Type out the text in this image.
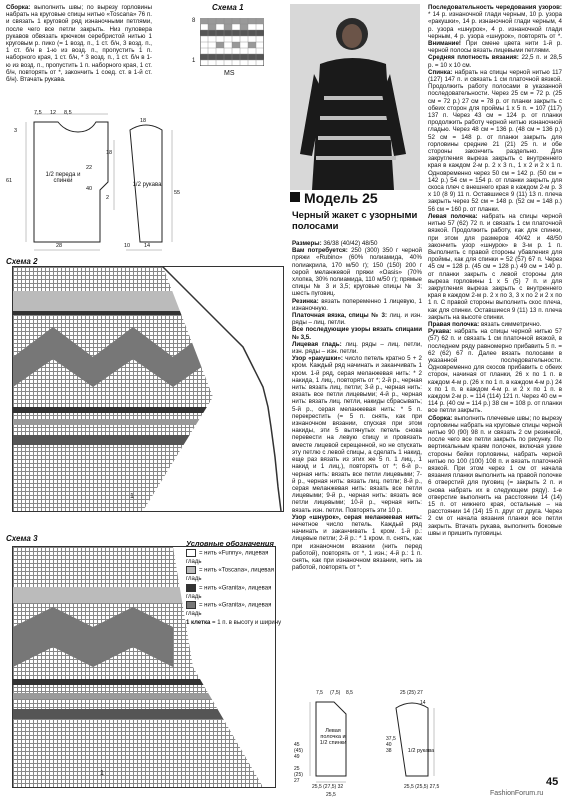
Сборка: выполнить швы; по вырезу горловины набрать на круговые спицы нитью «Toscana» 76 п. и связать 1 круговой ряд изнаночными петлями, после чего все петли закрыть. Низ пуловера рукавов обвязать крючком серебристой нитью 1 круговым р. пико (= 1 возд. п., 1 ст. б/н, 3 возд. п., 1 ст. б/н в 1-ю из возд. п., пропустить 1 п. наборного края, 1 ст. б/н, * 3 возд. п., 1 ст. б/н в 1-ю из возд. п., пропустить 1 п. наборного края, 1 ст. б/н, повторять от *, закончить 1 соед. ст. в 1-й ст. б/н). Втачать рукава.
Схема 1
8
1
MS
7,5 12 8,5
3
61
22
40
18
2
1/2 переда и спинки
28
1/2 рукава
55
10	14
18
Схема 2
1
Схема 3
1
Условные обозначения
= нить «Funny», лицевая гладь
= нить «Toscana», лицевая гладь
= нить «Granita», лицевая гладь
= нить «Granita», лицевая гладь
1 клетка = 1 п. в высоту и ширину
Модель 25
Черный жакет с узорными полосами
Размеры: 36/38 (40/42) 48/50
Вам потребуется: 250 (300) 350 г черной пряжи «Rubino» (60% полиамида, 40% полиакрила, 170 м/50 г); 150 (150) 200 г серой меланжевой пряжи «Oasis» (70% хлопка, 30% полиамида, 110 м/50 г); прямые спицы № 3 и 3,5; круговые спицы № 3; шесть пуговиц.
Резинка: вязать попеременно 1 лицевую, 1 изнаночную.
Платочная вязка, спицы № 3: лиц. и изн. ряды – лиц. петли.
Все последующие узоры вязать спицами № 3,5.
Лицевая гладь: лиц. ряды – лиц. петли, изн. ряды – изн. петли.
Узор «ракушки»: число петель кратно 5 + 2 кром. Каждый ряд начинать и заканчивать 1 кром. 1-й ряд, серая меланжевая нить: * 2 накида, 1 лиц., повторять от *; 2-й р., черная нить: вязать лиц. петли; 3-й р., черная нить: вязать все петли лицевыми; 4-й р., черная нить: вязать лиц. петли, накиды сбрасывать; 5-й р., серая меланжевая нить: * 5 п. перекрестить (= 5 п. снять, как при изнаночном вязании, спуская при этом накиды, эти 5 вытянутых петель снова перевести на левую спицу и провязать вместе лицевой скрещенной, но не спускать эту петлю с левой спицы, а сделать 1 накид, еще раз вязать из этих же 5 п. 1 лиц., 1 накид и 1 лиц.), повторять от *; 6-й р., черная нить: вязать все петли лицевыми; 7-й р., черная нить: вязать лиц. петли; 8-й р., серая меланжевая нить: вязать все петли лицевыми; 9-й р., черная нить: вязать все петли лицевыми; 10-й р., черная нить: вязать изн. петли. Повторять эти 10 р.
Узор «шнурок», серая меланжевая нить: нечетное число петель. Каждый ряд начинать и заканчивать 1 кром. 1-й р.: лицевые петли; 2-й р.: * 1 кром. п. снять, как при изнаночном вязании (нить перед работой), повторять от *, 1 изн.; 4-й р.: 1 п. снять, как при изнаночном вязании, нить за работой, повторять от *.
Последовательность чередования узоров: * 14 р. изнаночной глади черным, 10 р. узора «ракушки», 14 р. изнаночной глади черным, 4 р. узора «шнурок», 4 р. изнаночной глади черным, 4 р. узора «шнурок», повторять от *. Внимание! При смене цвета нити 1-й р. черной полосы вязать лицевыми петлями.
Средняя плотность вязания: 22,5 п. и 28,5 р. = 10 х 10 см.
Спинка: набрать на спицы черной нитью 117 (127) 147 п. и связать 1 см платочной вязкой. Продолжить работу полосами в указанной последовательности. Через 25 см = 72 р. (25 см = 72 р.) 27 см = 78 р. от планки закрыть с обеих сторон для проймы 1 х 5 п. = 107 (117) 137 п. Через 43 см = 124 р. от планки продолжить работу черной нитью изнаночной гладью. Через 48 см = 136 р. (48 см = 136 р.) 52 см = 148 р. от планки закрыть для горловины средние 21 (21) 25 п. и обе стороны закончить раздельно. Для закругления выреза закрыть с внутреннего края в каждом 2-м р. 2 х 3 п., 1 х 2 и 2 х 1 п. Одновременно через 50 см = 142 р. (50 см = 142 р.) 54 см = 154 р. от планки закрыть для скоса плеч с внешнего края в каждом 2-м р. 3 х 10 (8 9) 11 п. Оставшиеся 9 (11) 13 п. плеча закрыть через 52 см = 148 р. (52 см = 148 р.) 56 см = 160 р. от планки.
Левая полочка: набрать на спицы черной нитью 57 (62) 72 п. и связать 1 см платочной вязкой. Продолжить работу, как для спинки, при этом для размеров 40/42 и 48/50 закончить узор «шнурок» в 3-м р. 1 п. Выполнить с правой стороны убавления для проймы, как для спинки = 52 (57) 67 п. Через 45 см = 128 р. (45 см = 128 р.) 49 см = 140 р. от планки закрыть с левой стороны для выреза горловины 1 х 5 (5) 7 п. и для закругления выреза закрыть с внутреннего края в каждом 2-м р. 2 х по 3, 3 х по 2 и 2 х по 1 п. С правой стороны выполнить скос плеча, как для спинки. Оставшиеся 9 (11) 13 п. плеча закрыть на высоте спинки.
Правая полочка: вязать симметрично.
Рукава: набрать на спицы черной нитью 57 (57) 62 п. и связать 1 см платочной вязкой, в последнем ряду равномерно прибавить 5 п. = 62 (62) 67 п. Далее вязать полосами в указанной последовательности. Одновременно для скосов прибавить с обеих сторон, начиная от планки, 26 х по 1 п. в каждом 4-м р. (26 х по 1 п. в каждом 4-м р.) 24 х по 1 п. в каждом 4-м р. и 2 х по 1 п. в каждом 2-м р. = 114 (114) 121 п. Через 40 см = 114 р. (40 см = 114 р.) 38 см = 108 р. от планки все петли закрыть.
Сборка: выполнить плечевые швы; по вырезу горловины набрать на круговые спицы черной нитью 90 (90) 98 п. и связать 2 см резинкой, после чего все петли закрыть по рисунку. По вертикальным краям полочек, включая узкие стороны бейки горловины, набрать черной нитью по 100 (100) 108 п. и вязать платочной вязкой. При этом через 1 см от начала вязания планки выполнить на правой полочке 6 отверстий для пуговиц (= закрыть 2 п. и снова набрать их в следующем ряду). 1-е отверстие выполнить на расстоянии 14 (14) 15 п. от нижнего края, остальные – на расстоянии 14 (14) 15 п. друг от друга. Через 2 см от начала вязания планки все петли закрыть. Втачать рукава, выполнить боковые швы и пришить пуговицы.
7,5 (7,5) 8,5	25 (25) 27
14
45
(45)
49
25
(25)
27
Левая полочка и 1/2 спинки
1/2 рукава
25,5 (27,5) 32
25,5
37,5
40
38
25,5 (25,5) 27,5	45
FashionForum.ru
